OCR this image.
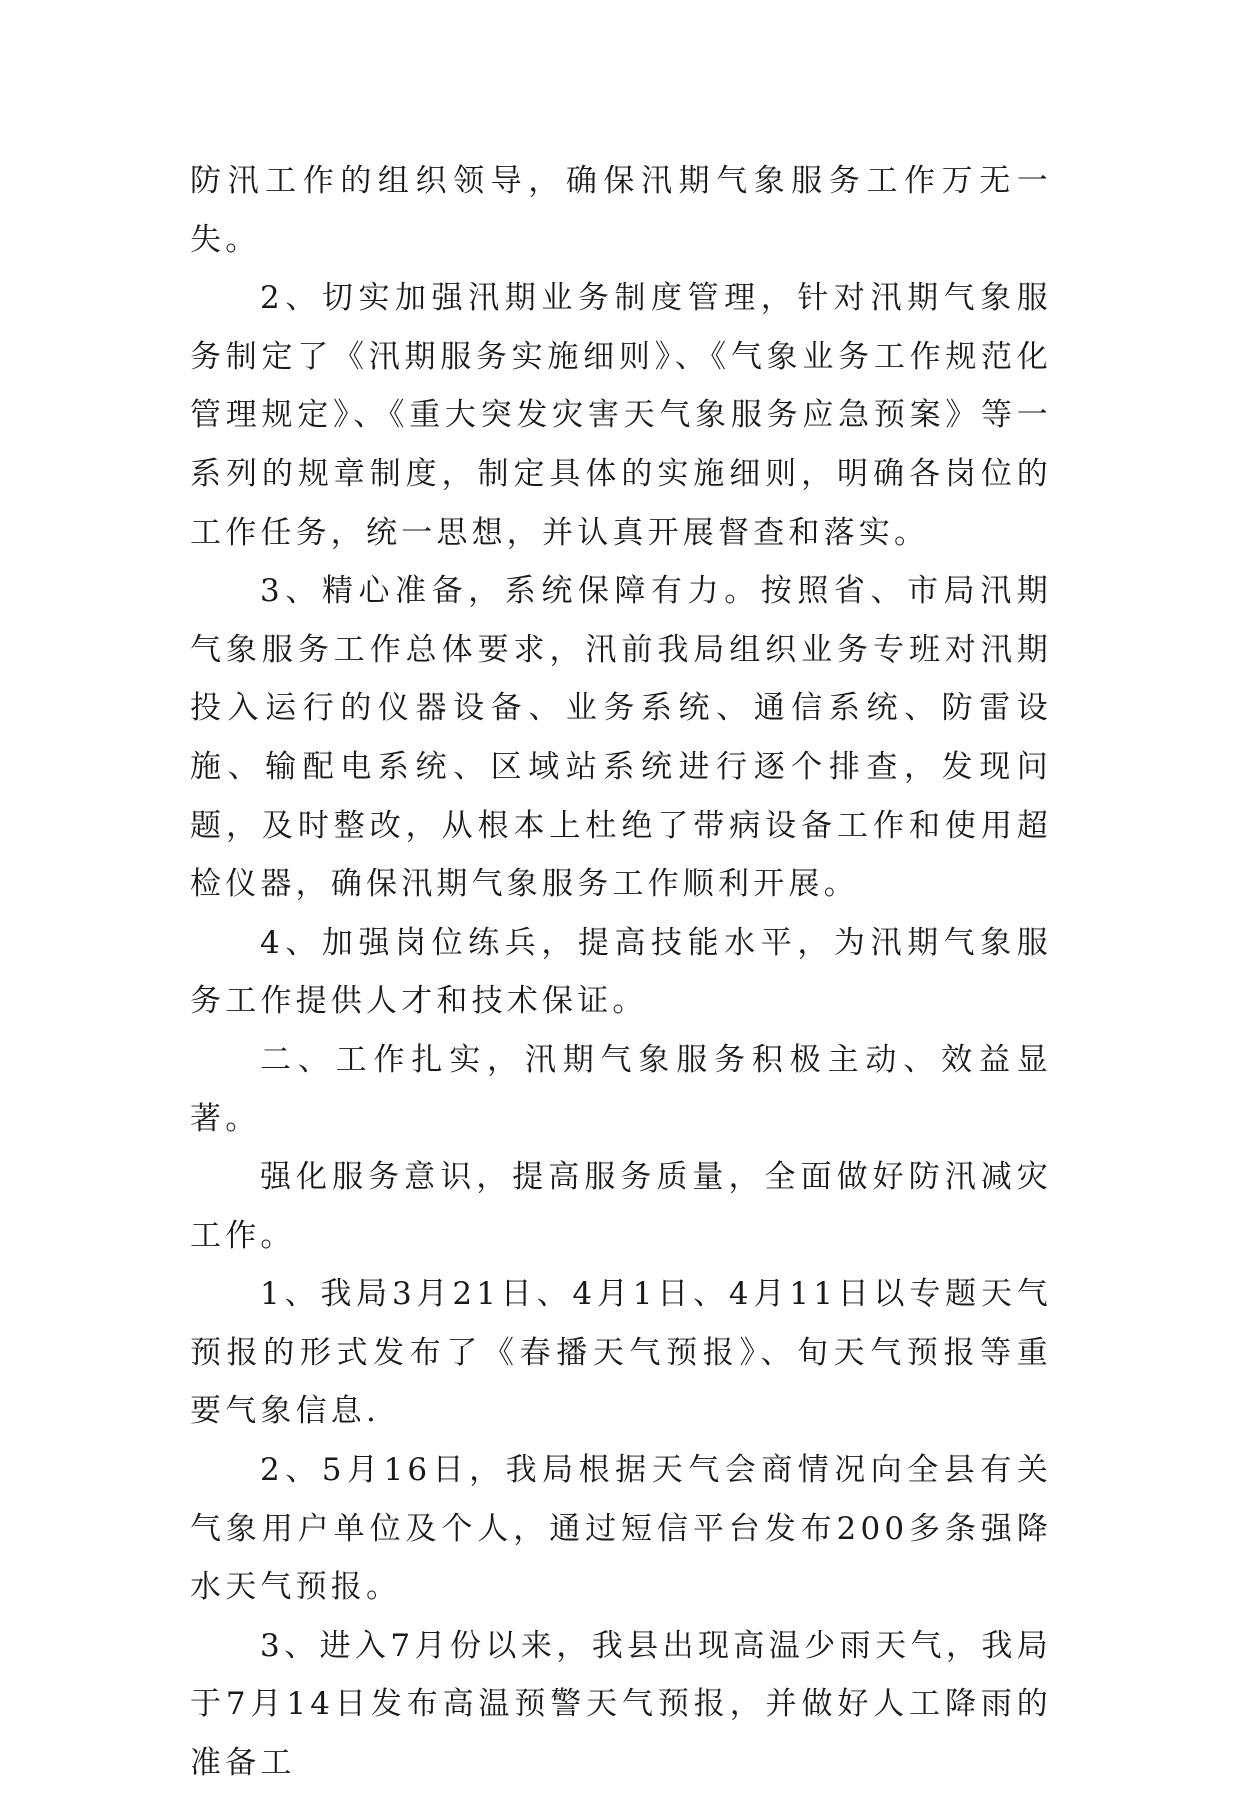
防汛工作的组织领导，确保汛期气象服务工作万无一失。

2、切实加强汛期业务制度管理，针对汛期气象服务制定了《汛期服务实施细则》、《气象业务工作规范化管理规定》、《重大突发灾害天气象服务应急预案》等一系列的规章制度，制定具体的实施细则，明确各岗位的工作任务，统一思想，并认真开展督查和落实。

3、精心准备，系统保障有力。按照省、市局汛期气象服务工作总体要求，汛前我局组织业务专班对汛期投入运行的仪器设备、业务系统、通信系统、防雷设施、输配电系统、区域站系统进行逐个排查，发现问题，及时整改，从根本上杜绝了带病设备工作和使用超检仪器，确保汛期气象服务工作顺利开展。

4、加强岗位练兵，提高技能水平，为汛期气象服务工作提供人才和技术保证。

二、工作扎实，汛期气象服务积极主动、效益显著。

强化服务意识，提高服务质量，全面做好防汛减灾工作。

1、我局3月21日、4月1日、4月11日以专题天气预报的形式发布了《春播天气预报》、旬天气预报等重要气象信息.

2、5月16日，我局根据天气会商情况向全县有关气象用户单位及个人，通过短信平台发布200多条强降水天气预报。

3、进入7月份以来，我县出现高温少雨天气，我局于7月14日发布高温预警天气预报，并做好人工降雨的准备工
